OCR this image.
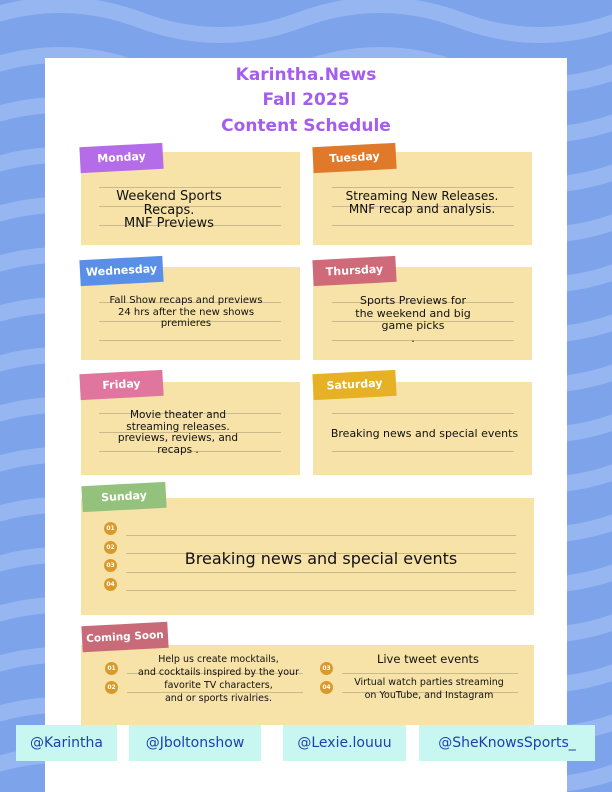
Karintha.News
Fall 2025
Content Schedule
Monday
Weekend Sports
Recaps.
MNF Previews
Tuesday
Streaming New Releases.
MNF recap and analysis.
Wednesday
Fall Show recaps and previews
24 hrs after the new shows
premieres
Thursday
Sports Previews for
the weekend and big
game picks
.
Friday
Movie theater and
streaming releases.
previews, reviews, and
recaps .
Saturday
Breaking news and special events
Sunday
01
02
03
04
Breaking news and special events
Coming Soon
01
02
03
04
Help us create mocktails,
and cocktails inspired by the your
favorite TV characters,
and or sports rivalries.
Live tweet events
Virtual watch parties streaming
on YouTube, and Instagram
@Karintha	@Jboltonshow	@Lexie.louuu	@SheKnowsSports_
